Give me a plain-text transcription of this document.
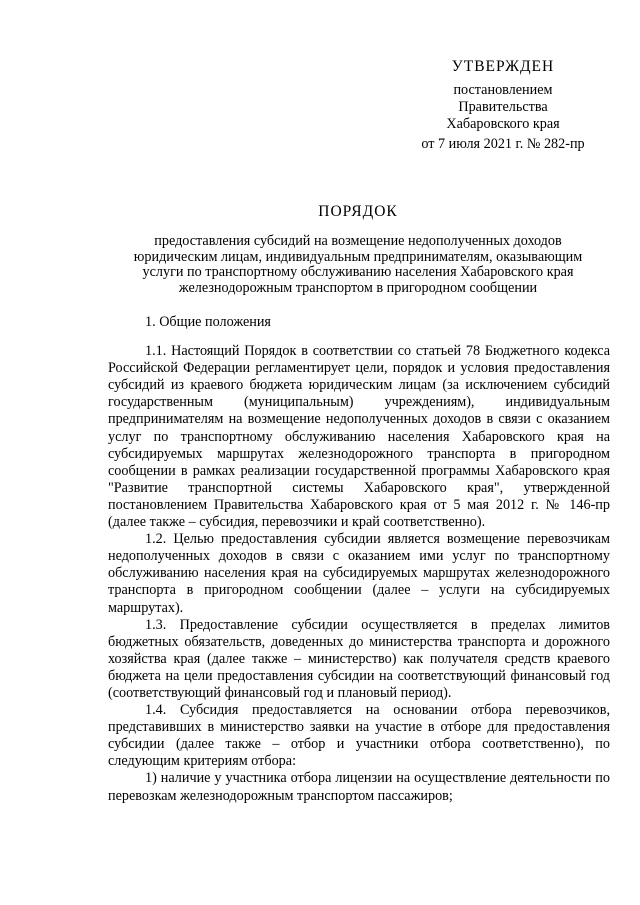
УТВЕРЖДЕН
постановлением
Правительства
Хабаровского края
от 7 июля 2021 г. № 282-пр
ПОРЯДОК
предоставления субсидий на возмещение недополученных доходов
юридическим лицам, индивидуальным предпринимателям, оказывающим
услуги по транспортному обслуживанию населения Хабаровского края
железнодорожным транспортом в пригородном сообщении
1. Общие положения

1.1. Настоящий Порядок в соответствии со статьей 78 Бюджетного кодекса Российской Федерации регламентирует цели, порядок и условия предоставления субсидий из краевого бюджета юридическим лицам (за исключением субсидий государственным (муниципальным) учреждениям), индивидуальным предпринимателям на возмещение недополученных доходов в связи с оказанием услуг по транспортному обслуживанию населения Хабаровского края на субсидируемых маршрутах железнодорожного транспорта в пригородном сообщении в рамках реализации государственной программы Хабаровского края "Развитие транспортной системы Хабаровского края", утвержденной постановлением Правительства Хабаровского края от 5 мая 2012 г. № 146-пр (далее также – субсидия, перевозчики и край соответственно).

1.2. Целью предоставления субсидии является возмещение перевозчикам недополученных доходов в связи с оказанием ими услуг по транспортному обслуживанию населения края на субсидируемых маршрутах железнодорожного транспорта в пригородном сообщении (далее – услуги на субсидируемых маршрутах).

1.3. Предоставление субсидии осуществляется в пределах лимитов бюджетных обязательств, доведенных до министерства транспорта и дорожного хозяйства края (далее также – министерство) как получателя средств краевого бюджета на цели предоставления субсидии на соответствующий финансовый год (соответствующий финансовый год и плановый период).

1.4. Субсидия предоставляется на основании отбора перевозчиков, представивших в министерство заявки на участие в отборе для предоставления субсидии (далее также – отбор и участники отбора соответственно), по следующим критериям отбора:

1) наличие у участника отбора лицензии на осуществление деятельности по перевозкам железнодорожным транспортом пассажиров;
